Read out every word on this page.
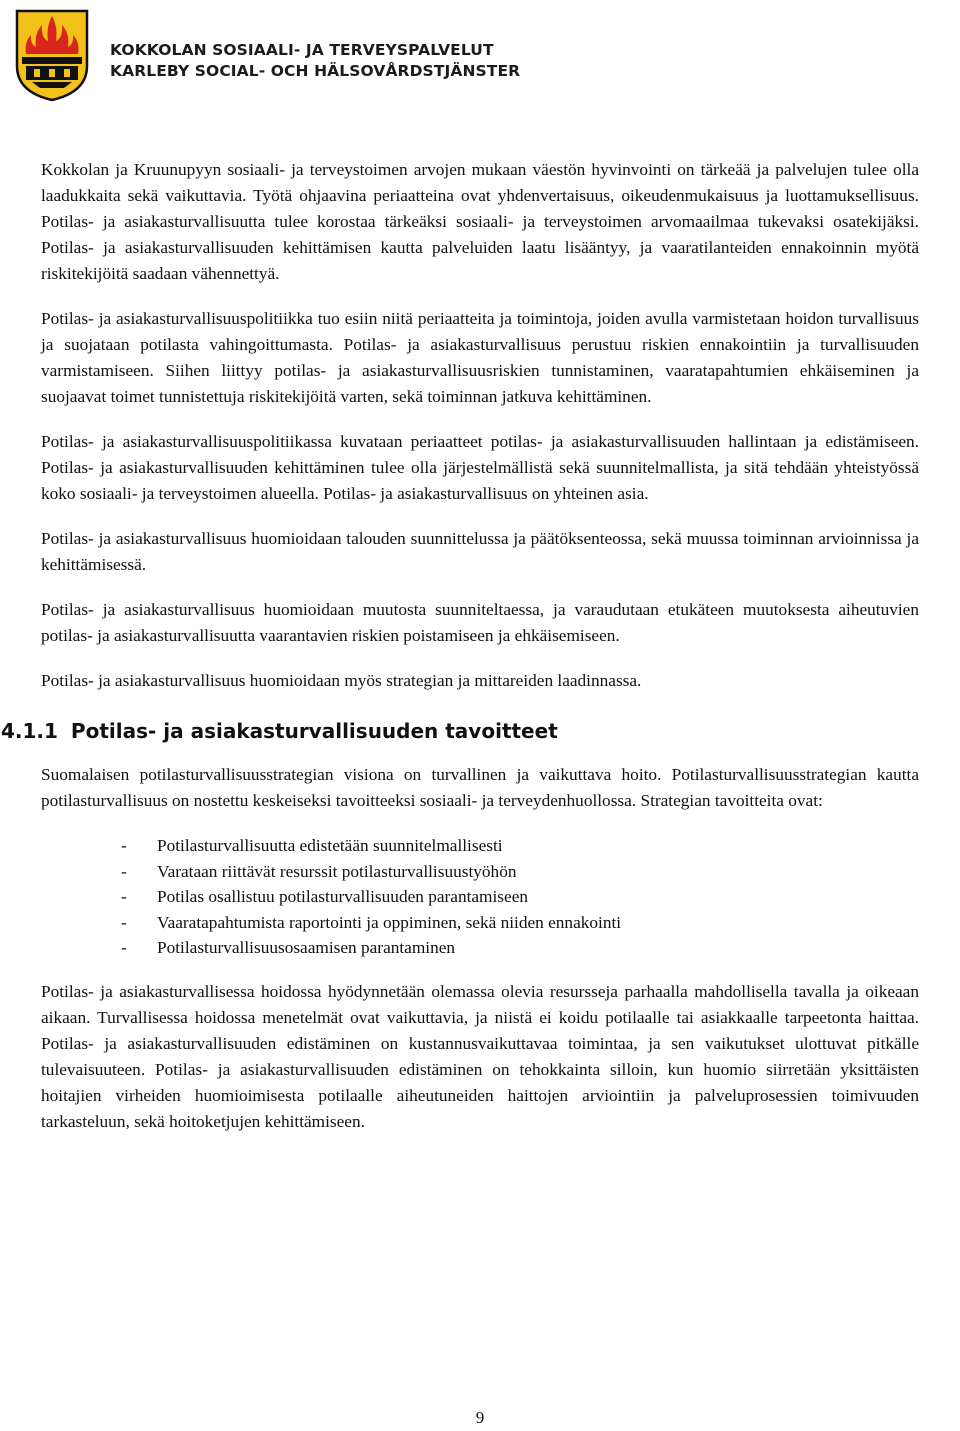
KOKKOLAN SOSIAALI- JA TERVEYSPALVELUT
KARLEBY SOCIAL- OCH HÄLSOVÅRDSTJÄNSTER

Kokkolan ja Kruunupyyn sosiaali- ja terveystoimen arvojen mukaan väestön hyvinvointi on tärkeää ja palvelujen tulee olla laadukkaita sekä vaikuttavia. Työtä ohjaavina periaatteina ovat yhdenvertaisuus, oikeudenmukaisuus ja luottamuksellisuus. Potilas- ja asiakasturvallisuutta tulee korostaa tärkeäksi sosiaali- ja terveystoimen arvomaailmaa tukevaksi osatekijäksi. Potilas- ja asiakasturvallisuuden kehittämisen kautta palveluiden laatu lisääntyy, ja vaaratilanteiden ennakoinnin myötä riskitekijöitä saadaan vähennettyä.

Potilas- ja asiakasturvallisuuspolitiikka tuo esiin niitä periaatteita ja toimintoja, joiden avulla varmistetaan hoidon turvallisuus ja suojataan potilasta vahingoittumasta. Potilas- ja asiakasturvallisuus perustuu riskien ennakointiin ja turvallisuuden varmistamiseen. Siihen liittyy potilas- ja asiakasturvallisuusriskien tunnistaminen, vaaratapahtumien ehkäiseminen ja suojaavat toimet tunnistettuja riskitekijöitä varten, sekä toiminnan jatkuva kehittäminen.

Potilas- ja asiakasturvallisuuspolitiikassa kuvataan periaatteet potilas- ja asiakasturvallisuuden hallintaan ja edistämiseen. Potilas- ja asiakasturvallisuuden kehittäminen tulee olla järjestelmällistä sekä suunnitelmallista, ja sitä tehdään yhteistyössä koko sosiaali- ja terveystoimen alueella. Potilas- ja asiakasturvallisuus on yhteinen asia.

Potilas- ja asiakasturvallisuus huomioidaan talouden suunnittelussa ja päätöksenteossa, sekä muussa toiminnan arvioinnissa ja kehittämisessä.

Potilas- ja asiakasturvallisuus huomioidaan muutosta suunniteltaessa, ja varaudutaan etukäteen muutoksesta aiheutuvien potilas- ja asiakasturvallisuutta vaarantavien riskien poistamiseen ja ehkäisemiseen.

Potilas- ja asiakasturvallisuus huomioidaan myös strategian ja mittareiden laadinnassa.

4.1.1 Potilas- ja asiakasturvallisuuden tavoitteet

Suomalaisen potilasturvallisuusstrategian visiona on turvallinen ja vaikuttava hoito. Potilasturvallisuusstrategian kautta potilasturvallisuus on nostettu keskeiseksi tavoitteeksi sosiaali- ja terveydenhuollossa. Strategian tavoitteita ovat:

- Potilasturvallisuutta edistetään suunnitelmallisesti
- Varataan riittävät resurssit potilasturvallisuustyöhön
- Potilas osallistuu potilasturvallisuuden parantamiseen
- Vaaratapahtumista raportointi ja oppiminen, sekä niiden ennakointi
- Potilasturvallisuusosaamisen parantaminen

Potilas- ja asiakasturvallisessa hoidossa hyödynnetään olemassa olevia resursseja parhaalla mahdollisella tavalla ja oikeaan aikaan. Turvallisessa hoidossa menetelmät ovat vaikuttavia, ja niistä ei koidu potilaalle tai asiakkaalle tarpeetonta haittaa. Potilas- ja asiakasturvallisuuden edistäminen on kustannusvaikuttavaa toimintaa, ja sen vaikutukset ulottuvat pitkälle tulevaisuuteen. Potilas- ja asiakasturvallisuuden edistäminen on tehokkainta silloin, kun huomio siirretään yksittäisten hoitajien virheiden huomioimisesta potilaalle aiheutuneiden haittojen arviointiin ja palveluprosessien toimivuuden tarkasteluun, sekä hoitoketjujen kehittämiseen.

9
